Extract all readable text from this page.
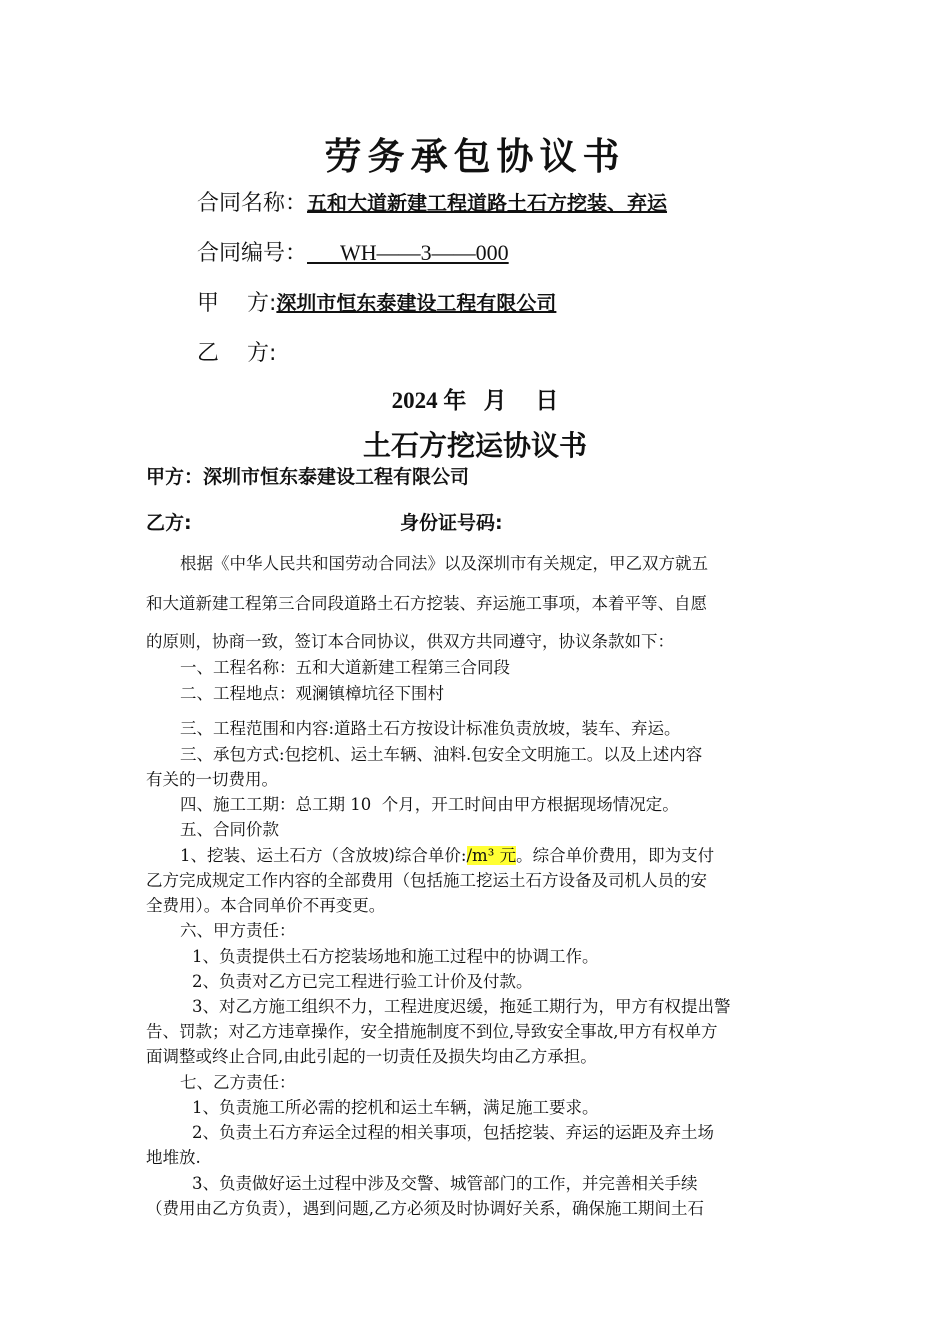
劳务承包协议书
合同名称：五和大道新建工程道路土石方挖装、弃运
合同编号：      WH——3——000
甲    方:深圳市恒东泰建设工程有限公司
乙    方:
2024 年   月     日
土石方挖运协议书
甲方：深圳市恒东泰建设工程有限公司
乙方:	身份证号码:
根据《中华人民共和国劳动合同法》以及深圳市有关规定，甲乙双方就五
和大道新建工程第三合同段道路土石方挖装、弃运施工事项，本着平等、自愿
的原则，协商一致，签订本合同协议，供双方共同遵守，协议条款如下：
一、工程名称：五和大道新建工程第三合同段
二、工程地点：观澜镇樟坑径下围村
三、工程范围和内容:道路土石方按设计标准负责放坡，装车、弃运。
三、承包方式:包挖机、运土车辆、油料.包安全文明施工。以及上述内容
有关的一切费用。
四、施工工期：总工期 10  个月，开工时间由甲方根据现场情况定。
五、合同价款
1、挖装、运土石方（含放坡)综合单价:/m³ 元。综合单价费用，即为支付
乙方完成规定工作内容的全部费用（包括施工挖运土石方设备及司机人员的安
全费用）。本合同单价不再变更。
六、甲方责任：
1、负责提供土石方挖装场地和施工过程中的协调工作。
2、负责对乙方已完工程进行验工计价及付款。
3、对乙方施工组织不力，工程进度迟缓，拖延工期行为，甲方有权提出警
告、罚款；对乙方违章操作，安全措施制度不到位,导致安全事故,甲方有权单方
面调整或终止合同,由此引起的一切责任及损失均由乙方承担。
七、乙方责任：
1、负责施工所必需的挖机和运土车辆，满足施工要求。
2、负责土石方弃运全过程的相关事项，包括挖装、弃运的运距及弃土场
地堆放.
3、负责做好运土过程中涉及交警、城管部门的工作，并完善相关手续
（费用由乙方负责），遇到问题,乙方必须及时协调好关系，确保施工期间土石
